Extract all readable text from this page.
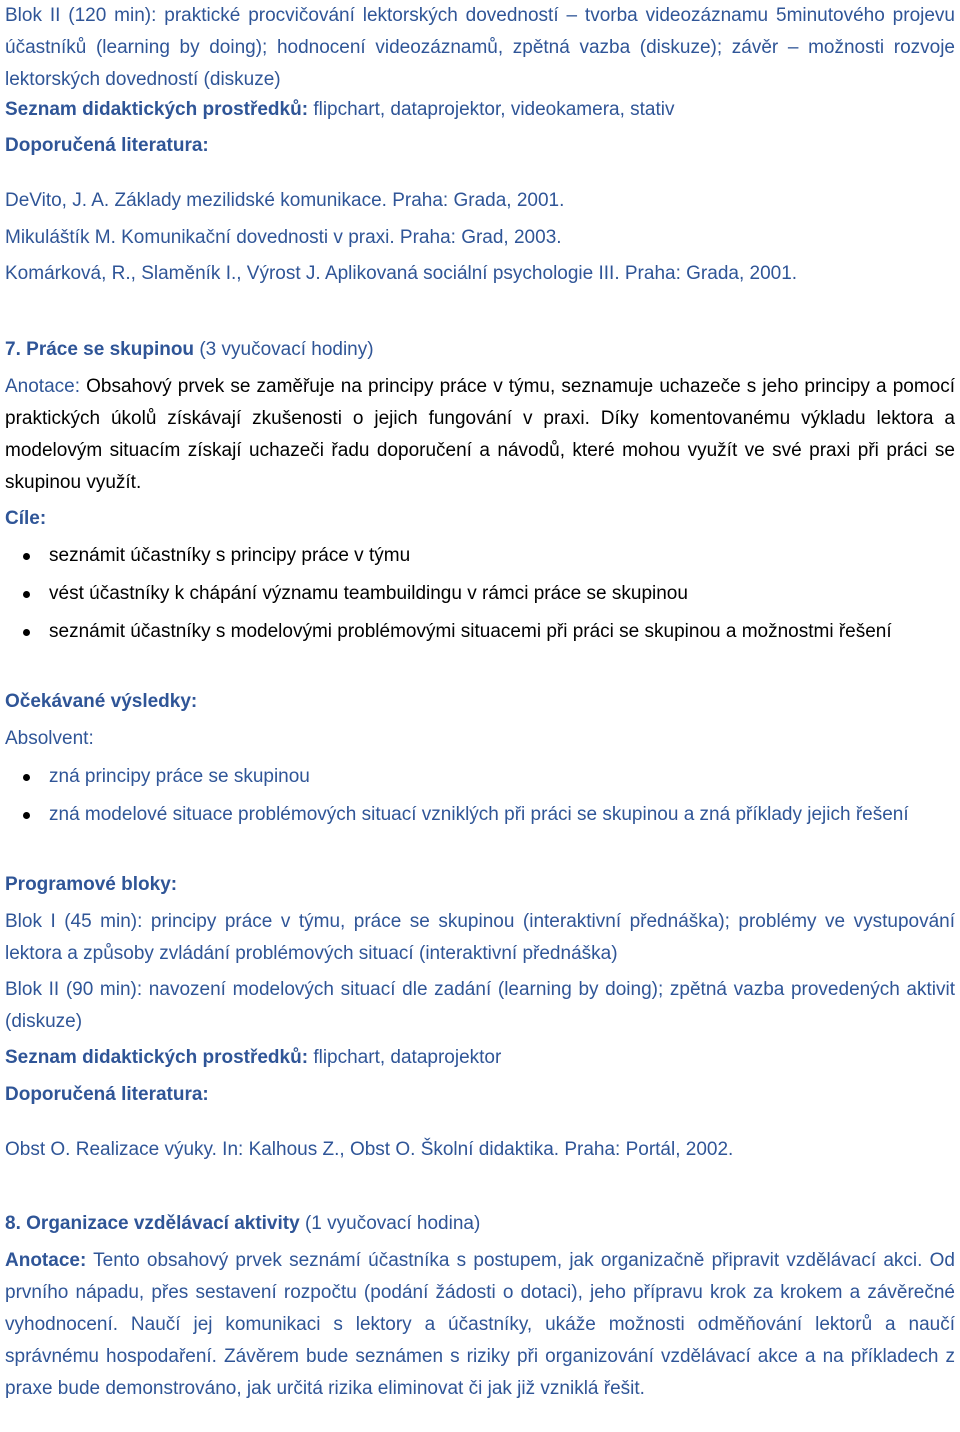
Blok II (120 min): praktické procvičování lektorských dovedností – tvorba videozáznamu 5minutového projevu účastníků (learning by doing); hodnocení videozáznamů, zpětná vazba (diskuze); závěr – možnosti rozvoje lektorských dovedností (diskuze)

Seznam didaktických prostředků: flipchart, dataprojektor, videokamera, stativ

Doporučená literatura:

DeVito, J. A. Základy mezilidské komunikace. Praha: Grada, 2001.

Mikuláštík M. Komunikační dovednosti v praxi. Praha: Grad, 2003.

Komárková, R., Slaměník I., Výrost J. Aplikovaná sociální psychologie III. Praha: Grada, 2001.

7. Práce se skupinou (3 vyučovací hodiny)

Anotace: Obsahový prvek se zaměřuje na principy práce v týmu, seznamuje uchazeče s jeho principy a pomocí praktických úkolů získávají zkušenosti o jejich fungování v praxi. Díky komentovanému výkladu lektora a modelovým situacím získají uchazeči řadu doporučení a návodů, které mohou využít ve své praxi při práci se skupinou využít.

Cíle:

seznámit účastníky s principy práce v týmu
vést účastníky k chápání významu teambuildingu v rámci práce se skupinou
seznámit účastníky s modelovými problémovými situacemi při práci se skupinou a možnostmi řešení

Očekávané výsledky:

Absolvent:

zná principy práce se skupinou
zná modelové situace problémových situací vzniklých při práci se skupinou a zná příklady jejich řešení

Programové bloky:

Blok I (45 min): principy práce v týmu, práce se skupinou (interaktivní přednáška); problémy ve vystupování lektora a způsoby zvládání problémových situací (interaktivní přednáška)

Blok II (90 min): navození modelových situací dle zadání (learning by doing); zpětná vazba provedených aktivit (diskuze)

Seznam didaktických prostředků: flipchart, dataprojektor

Doporučená literatura:

Obst O. Realizace výuky. In: Kalhous Z., Obst O. Školní didaktika. Praha: Portál, 2002.

8. Organizace vzdělávací aktivity (1 vyučovací hodina)

Anotace: Tento obsahový prvek seznámí účastníka s postupem, jak organizačně připravit vzdělávací akci. Od prvního nápadu, přes sestavení rozpočtu (podání žádosti o dotaci), jeho přípravu krok za krokem a závěrečné vyhodnocení. Naučí jej komunikaci s lektory a účastníky, ukáže možnosti odměňování lektorů a naučí správnému hospodaření. Závěrem bude seznámen s riziky při organizování vzdělávací akce a na příkladech z praxe bude demonstrováno, jak určitá rizika eliminovat či jak již vzniklá řešit.
